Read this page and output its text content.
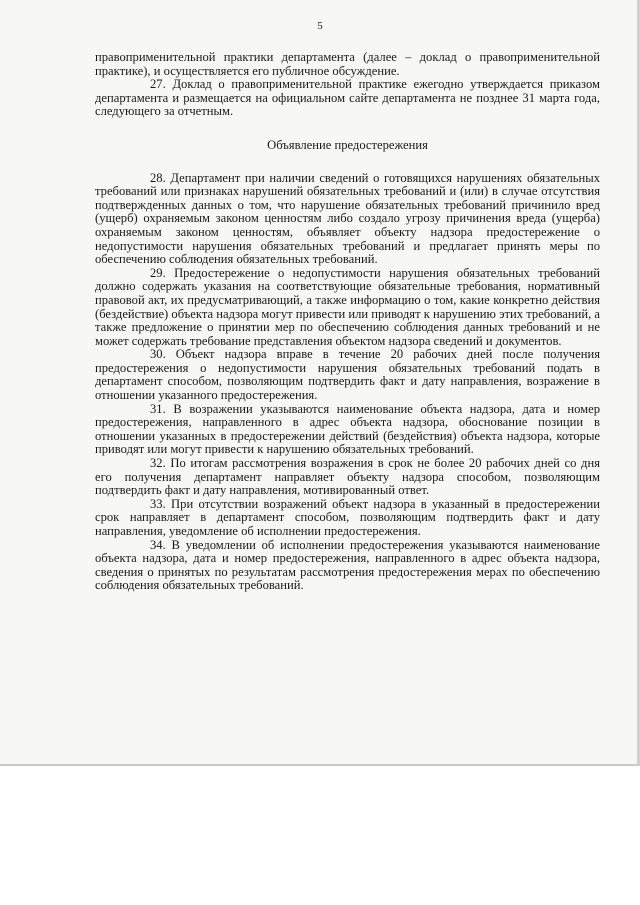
5

правоприменительной практики департамента (далее – доклад о правоприменительной практике), и осуществляется его публичное обсуждение.

27. Доклад о правоприменительной практике ежегодно утверждается приказом департамента и размещается на официальном сайте департамента не позднее 31 марта года, следующего за отчетным.

Объявление предостережения

28. Департамент при наличии сведений о готовящихся нарушениях обязательных требований или признаках нарушений обязательных требований и (или) в случае отсутствия подтвержденных данных о том, что нарушение обязательных требований причинило вред (ущерб) охраняемым законом ценностям либо создало угрозу причинения вреда (ущерба) охраняемым законом ценностям, объявляет объекту надзора предостережение о недопустимости нарушения обязательных требований и предлагает принять меры по обеспечению соблюдения обязательных требований.

29. Предостережение о недопустимости нарушения обязательных требований должно содержать указания на соответствующие обязательные требования, нормативный правовой акт, их предусматривающий, а также информацию о том, какие конкретно действия (бездействие) объекта надзора могут привести или приводят к нарушению этих требований, а также предложение о принятии мер по обеспечению соблюдения данных требований и не может содержать требование представления объектом надзора сведений и документов.

30. Объект надзора вправе в течение 20 рабочих дней после получения предостережения о недопустимости нарушения обязательных требований подать в департамент способом, позволяющим подтвердить факт и дату направления, возражение в отношении указанного предостережения.

31. В возражении указываются наименование объекта надзора, дата и номер предостережения, направленного в адрес объекта надзора, обоснование позиции в отношении указанных в предостережении действий (бездействия) объекта надзора, которые приводят или могут привести к нарушению обязательных требований.

32. По итогам рассмотрения возражения в срок не более 20 рабочих дней со дня его получения департамент направляет объекту надзора способом, позволяющим подтвердить факт и дату направления, мотивированный ответ.

33. При отсутствии возражений объект надзора в указанный в предостережении срок направляет в департамент способом, позволяющим подтвердить факт и дату направления, уведомление об исполнении предостережения.

34. В уведомлении об исполнении предостережения указываются наименование объекта надзора, дата и номер предостережения, направленного в адрес объекта надзора, сведения о принятых по результатам рассмотрения предостережения мерах по обеспечению соблюдения обязательных требований.
